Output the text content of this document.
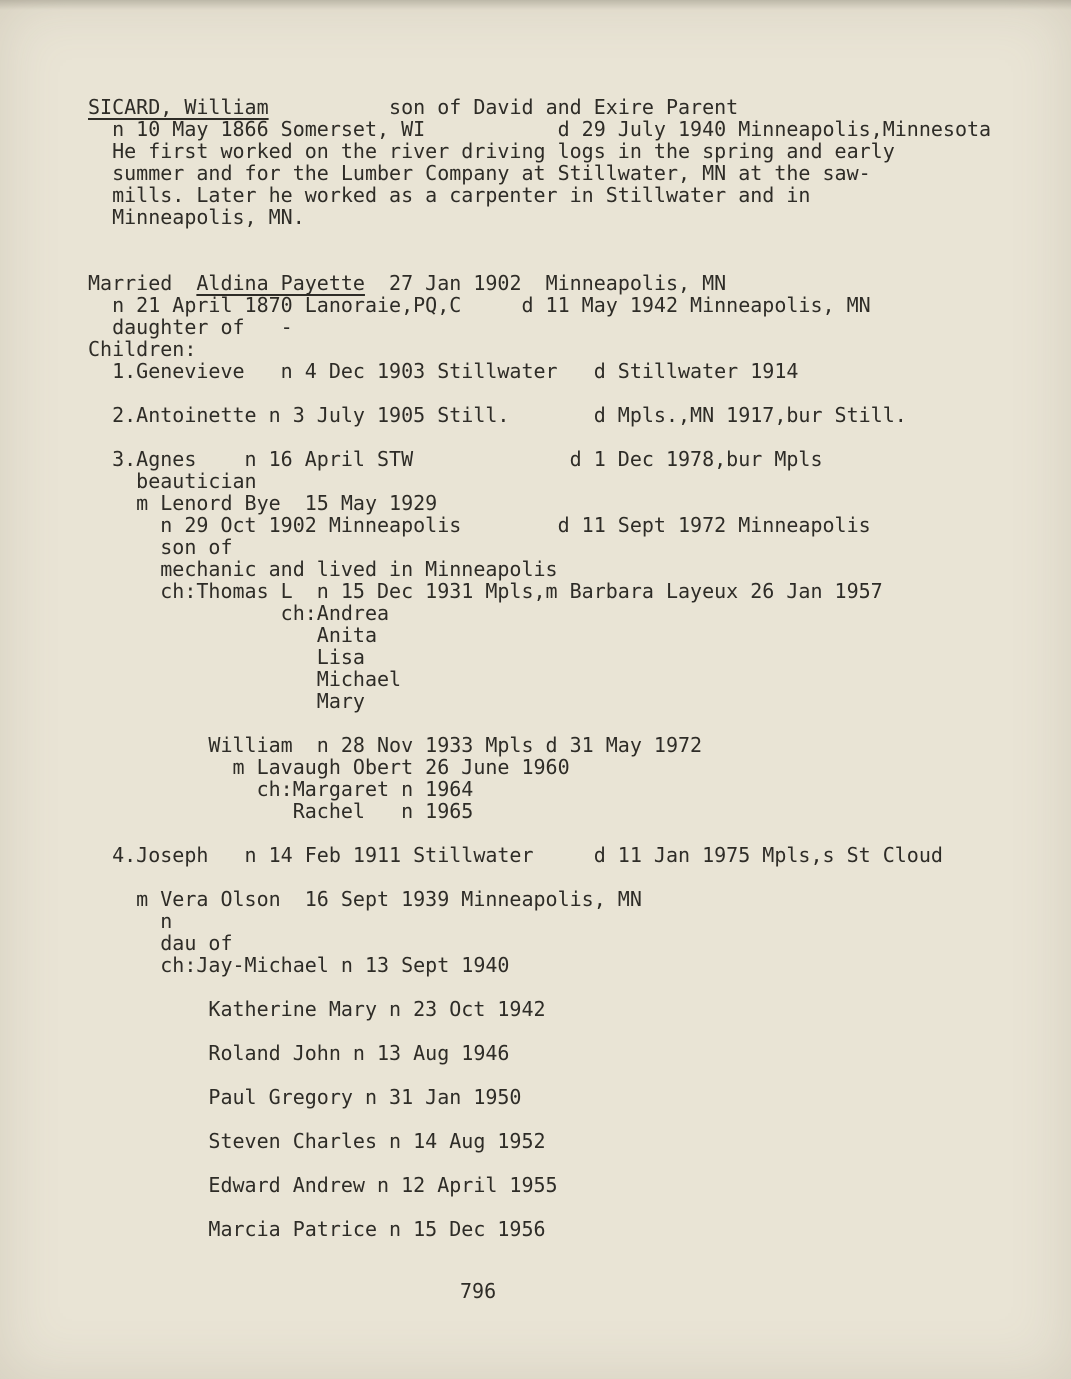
SICARD, William          son of David and Exire Parent
n 10 May 1866 Somerset, WI           d 29 July 1940 Minneapolis,Minnesota
He first worked on the river driving logs in the spring and early
summer and for the Lumber Company at Stillwater, MN at the saw-
mills. Later he worked as a carpenter in Stillwater and in
Minneapolis, MN.

Married  Aldina Payette  27 Jan 1902  Minneapolis, MN
n 21 April 1870 Lanoraie,PQ,C     d 11 May 1942 Minneapolis, MN
daughter of   -
Children:
1.Genevieve   n 4 Dec 1903 Stillwater   d Stillwater 1914

2.Antoinette n 3 July 1905 Still.       d Mpls.,MN 1917,bur Still.

3.Agnes    n 16 April STW             d 1 Dec 1978,bur Mpls
beautician
m Lenord Bye  15 May 1929
n 29 Oct 1902 Minneapolis        d 11 Sept 1972 Minneapolis
son of
mechanic and lived in Minneapolis
ch:Thomas L  n 15 Dec 1931 Mpls,m Barbara Layeux 26 Jan 1957
ch:Andrea
Anita
Lisa
Michael
Mary

William  n 28 Nov 1933 Mpls d 31 May 1972
m Lavaugh Obert 26 June 1960
ch:Margaret n 1964
Rachel   n 1965

4.Joseph   n 14 Feb 1911 Stillwater     d 11 Jan 1975 Mpls,s St Cloud

m Vera Olson  16 Sept 1939 Minneapolis, MN
n
dau of
ch:Jay-Michael n 13 Sept 1940

Katherine Mary n 23 Oct 1942

Roland John n 13 Aug 1946

Paul Gregory n 31 Jan 1950

Steven Charles n 14 Aug 1952

Edward Andrew n 12 April 1955

Marcia Patrice n 15 Dec 1956
796
